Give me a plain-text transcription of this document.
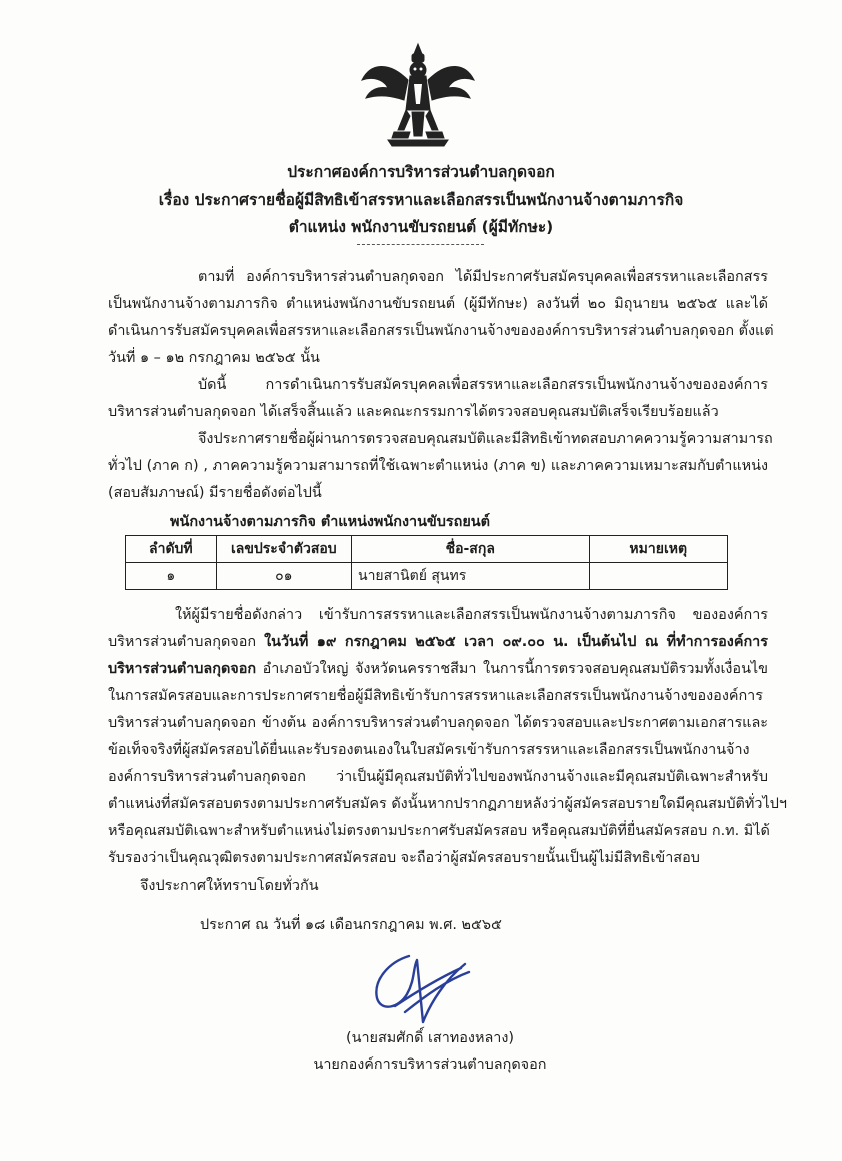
ประกาศองค์การบริหารส่วนตำบลกุดจอก
เรื่อง ประกาศรายชื่อผู้มีสิทธิเข้าสรรหาและเลือกสรรเป็นพนักงานจ้างตามภารกิจ
ตำแหน่ง พนักงานขับรถยนต์ (ผู้มีทักษะ)
ตามที่ องค์การบริหารส่วนตำบลกุดจอก ได้มีประกาศรับสมัครบุคคลเพื่อสรรหาและเลือกสรร
เป็นพนักงานจ้างตามภารกิจ ตำแหน่งพนักงานขับรถยนต์ (ผู้มีทักษะ) ลงวันที่ ๒๐ มิถุนายน ๒๕๖๕ และได้
ดำเนินการรับสมัครบุคคลเพื่อสรรหาและเลือกสรรเป็นพนักงานจ้างขององค์การบริหารส่วนตำบลกุดจอก ตั้งแต่
วันที่ ๑ – ๑๒ กรกฎาคม ๒๕๖๕ นั้น
บัดนี้ การดำเนินการรับสมัครบุคคลเพื่อสรรหาและเลือกสรรเป็นพนักงานจ้างขององค์การ
บริหารส่วนตำบลกุดจอก ได้เสร็จสิ้นแล้ว และคณะกรรมการได้ตรวจสอบคุณสมบัติเสร็จเรียบร้อยแล้ว
จึงประกาศรายชื่อผู้ผ่านการตรวจสอบคุณสมบัติและมีสิทธิเข้าทดสอบภาคความรู้ความสามารถ
ทั่วไป (ภาค ก) , ภาคความรู้ความสามารถที่ใช้เฉพาะตำแหน่ง (ภาค ข) และภาคความเหมาะสมกับตำแหน่ง
(สอบสัมภาษณ์) มีรายชื่อดังต่อไปนี้
พนักงานจ้างตามภารกิจ ตำแหน่งพนักงานขับรถยนต์
ลำดับที่	เลขประจำตัวสอบ	ชื่อ-สกุล	หมายเหตุ
๑	๐๑	นายสานิตย์ สุนทร	
ให้ผู้มีรายชื่อดังกล่าว เข้ารับการสรรหาและเลือกสรรเป็นพนักงานจ้างตามภารกิจ ขององค์การ
บริหารส่วนตำบลกุดจอก ในวันที่ ๑๙ กรกฎาคม ๒๕๖๕ เวลา ๐๙.๐๐ น. เป็นต้นไป ณ ที่ทำการองค์การ
บริหารส่วนตำบลกุดจอก อำเภอบัวใหญ่ จังหวัดนครราชสีมา ในการนี้การตรวจสอบคุณสมบัติรวมทั้งเงื่อนไข
ในการสมัครสอบและการประกาศรายชื่อผู้มีสิทธิเข้ารับการสรรหาและเลือกสรรเป็นพนักงานจ้างขององค์การ
บริหารส่วนตำบลกุดจอก ข้างต้น องค์การบริหารส่วนตำบลกุดจอก ได้ตรวจสอบและประกาศตามเอกสารและ
ข้อเท็จจริงที่ผู้สมัครสอบได้ยื่นและรับรองตนเองในใบสมัครเข้ารับการสรรหาและเลือกสรรเป็นพนักงานจ้าง
องค์การบริหารส่วนตำบลกุดจอก ว่าเป็นผู้มีคุณสมบัติทั่วไปของพนักงานจ้างและมีคุณสมบัติเฉพาะสำหรับ
ตำแหน่งที่สมัครสอบตรงตามประกาศรับสมัคร ดังนั้นหากปรากฏภายหลังว่าผู้สมัครสอบรายใดมีคุณสมบัติทั่วไปฯ
หรือคุณสมบัติเฉพาะสำหรับตำแหน่งไม่ตรงตามประกาศรับสมัครสอบ หรือคุณสมบัติที่ยื่นสมัครสอบ ก.ท. มิได้
รับรองว่าเป็นคุณวุฒิตรงตามประกาศสมัครสอบ จะถือว่าผู้สมัครสอบรายนั้นเป็นผู้ไม่มีสิทธิเข้าสอบ
จึงประกาศให้ทราบโดยทั่วกัน
ประกาศ ณ วันที่ ๑๘ เดือนกรกฎาคม พ.ศ. ๒๕๖๕
(นายสมศักดิ์ เสาทองหลาง)
นายกองค์การบริหารส่วนตำบลกุดจอก
